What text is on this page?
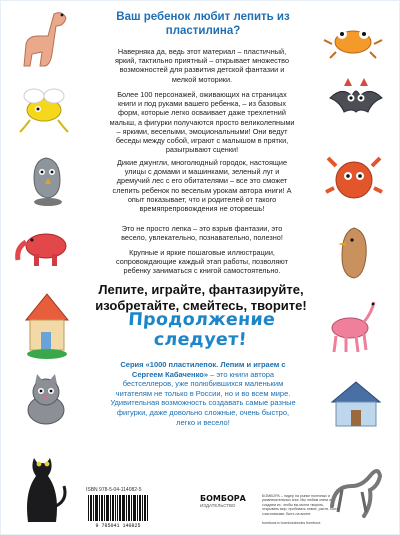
Ваш ребенок любит лепить из пластилина?
Наверняка да, ведь этот материал – пластичный, яркий, тактильно приятный – открывает множество возможностей для развития детской фантазии и мелкой моторики.
Более 100 персонажей, оживающих на страницах книги и под руками вашего ребенка, – из базовых форм, которые легко осваивает даже трехлетний малыш, а фигурки получаются просто великолепными – яркими, веселыми, эмоциональными! Они ведут беседы между собой, играют с малышом в прятки, разыгрывают сценки!
Дикие джунгли, многолюдный городок, настоящие улицы с домами и машинками, зеленый луг и дремучий лес с его обитателями – все это сможет слепить ребенок по веселым урокам автора книги! А опыт показывает, что и родителей от такого времяпрепровождения не оторвешь!
Это не просто лепка – это взрыв фантазии, это весело, увлекательно, познавательно, полезно!
Крупные и яркие пошаговые иллюстрации, сопровождающие каждый этап работы, позволяют ребенку заниматься с книгой самостоятельно.
Лепите, играйте, фантазируйте, изобретайте, смейтесь, творите!
Продолжение следует!
Серия «1000 пластилепок. Лепим и играем с Сергеем Кабаченко» – это книги автора бестселлеров, уже полюбившихся маленьким читателям не только в России, но и во всем мире. Удивительная возможность создавать самые разные фигурки, даже довольно сложные, очень быстро, легко и весело!
ISBN 978-5-04-114082-5
9 785041 140825
БОМБОРА
ИЗДАТЕЛЬСТВО
БОМБОРА – лидер на рынке полезных и развлекательных книг. Мы любим книги и создаем их, чтобы вы могли творить, открывать мир, пробовать новое, расти. Быть счастливыми. Быть на волне.
bombora.ru bomborabooks bombora
